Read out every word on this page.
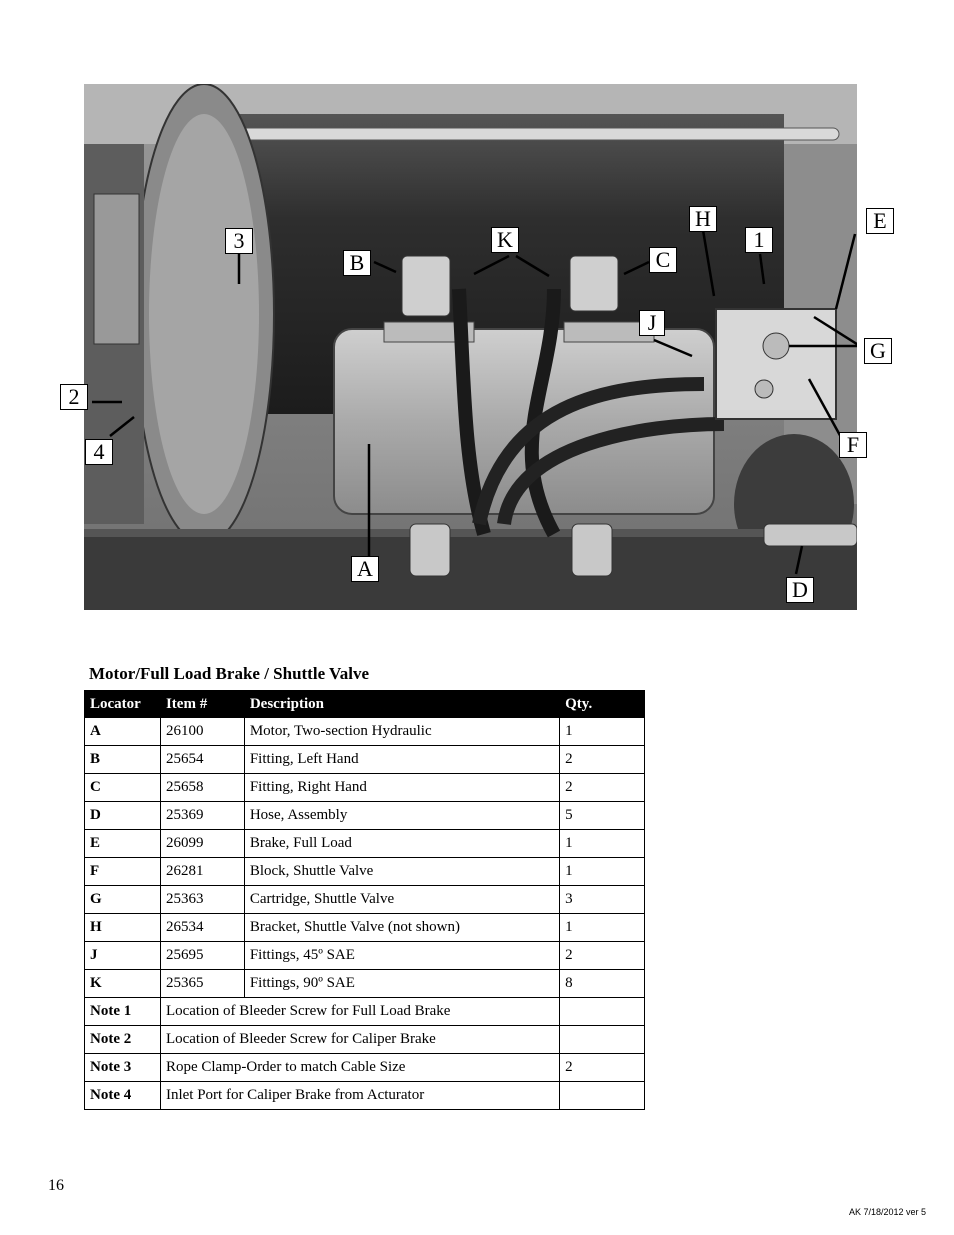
A
B	C
D
E
F
G
H
J
K	1
2
3
4
Motor/Full Load Brake / Shuttle Valve
Locator	Item #	Description	Qty.
A	26100	Motor, Two-section Hydraulic	1
B	25654	Fitting, Left Hand	2
C	25658	Fitting, Right Hand	2
D	25369	Hose, Assembly	5
E	26099	Brake, Full Load	1
F	26281	Block, Shuttle Valve	1
G	25363	Cartridge, Shuttle Valve	3
H	26534	Bracket, Shuttle Valve (not shown)	1
J	25695	Fittings, 45º SAE	2
K	25365	Fittings, 90º SAE	8
Note 1	Location of Bleeder Screw for Full Load Brake		
Note 2	Location of Bleeder Screw for Caliper Brake		
Note 3	Rope Clamp-Order to match Cable Size		2
Note 4	Inlet Port for Caliper Brake from Acturator		
16
AK 7/18/2012 ver 5
